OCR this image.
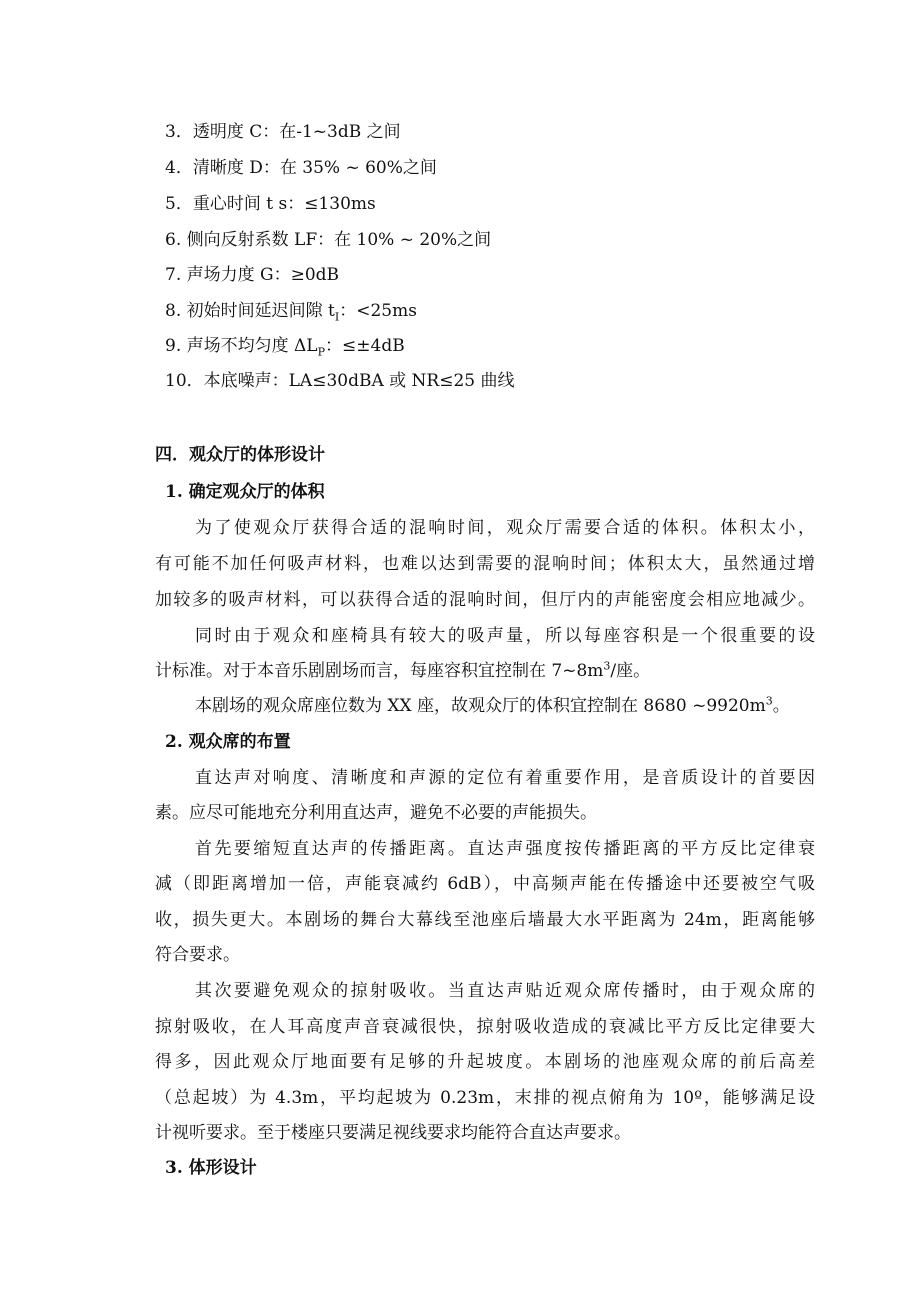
3．透明度 C：在-1~3dB 之间
4．清晰度 D：在 35% ~ 60%之间
5．重心时间 t s：≤130ms
6. 侧向反射系数 LF：在 10% ~ 20%之间
7. 声场力度 G：≥0dB
8. 初始时间延迟间隙 $t_I$：<25ms
9. 声场不均匀度 $\Delta L_P$：≤±4dB
10．本底噪声：LA≤30dBA 或 NR≤25 曲线
四．观众厅的体形设计
1. 确定观众厅的体积
为了使观众厅获得合适的混响时间，观众厅需要合适的体积。体积太小，
有可能不加任何吸声材料，也难以达到需要的混响时间；体积太大，虽然通过增
加较多的吸声材料，可以获得合适的混响时间，但厅内的声能密度会相应地减少。
同时由于观众和座椅具有较大的吸声量，所以每座容积是一个很重要的设
计标准。对于本音乐剧剧场而言，每座容积宜控制在 $7\sim 8m^3/$座。
本剧场的观众席座位数为 XX 座，故观众厅的体积宜控制在 8680 $\sim 9920m^3$。
2. 观众席的布置
直达声对响度、清晰度和声源的定位有着重要作用，是音质设计的首要因
素。应尽可能地充分利用直达声，避免不必要的声能损失。
首先要缩短直达声的传播距离。直达声强度按传播距离的平方反比定律衰
减（即距离增加一倍，声能衰减约 6dB），中高频声能在传播途中还要被空气吸
收，损失更大。本剧场的舞台大幕线至池座后墙最大水平距离为 24m，距离能够
符合要求。
其次要避免观众的掠射吸收。当直达声贴近观众席传播时，由于观众席的
掠射吸收，在人耳高度声音衰减很快，掠射吸收造成的衰减比平方反比定律要大
得多，因此观众厅地面要有足够的升起坡度。本剧场的池座观众席的前后高差
（总起坡）为 4.3m，平均起坡为 0.23m，末排的视点俯角为 10º，能够满足设
计视听要求。至于楼座只要满足视线要求均能符合直达声要求。
3. 体形设计
